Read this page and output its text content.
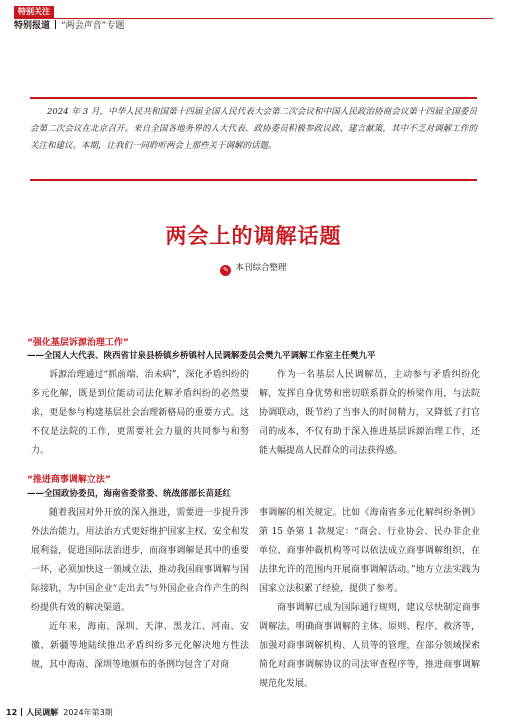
特别关注
特别报道 “两会声音”专题

2024 年 3 月，中华人民共和国第十四届全国人民代表大会第二次会议和中国人民政治协商会议第十四届全国委员会第二次会议在北京召开。来自全国各地务界的人大代表、政协委员积极参政议政、建言献策，其中不乏对调解工作的关注和建议。本期，让我们一同聆听两会上那些关于调解的话题。

两会上的调解话题
✎ 本刊综合整理
“强化基层诉源治理工作”
——全国人大代表、陕西省甘泉县桥镇乡桥镇村人民调解委员会樊九平调解工作室主任樊九平

诉源治理通过“抓前端、治未病”，深化矛盾纠纷的多元化解，既是到位能动司法化解矛盾纠纷的必然要求，更是参与构建基层社会治理新格局的重要方式。这不仅是法院的工作，更需要社会力量的共同参与和努力。

作为一名基层人民调解员，主动参与矛盾纠纷化解，发挥自身优势和密切联系群众的桥梁作用，与法院协调联动，既节约了当事人的时间精力，又降低了打官司的成本，不仅有助于深入推进基层诉源治理工作，还能大幅提高人民群众的司法获得感。

“推进商事调解立法”
——全国政协委员，海南省委常委、统战部部长苗延红

随着我国对外开放的深入推进，需要进一步提升涉外法治能力，用法治方式更好维护国家主权、安全和发展利益，促进国际法治进步，而商事调解是其中的重要一环，必须加快这一领域立法，推动我国商事调解与国际接轨，为中国企业“走出去”与外国企业合作产生的纠纷提供有效的解决渠道。

近年来，海南、深圳、天津、黑龙江、河南、安徽、新疆等地陆续推出矛盾纠纷多元化解决地方性法规，其中海南、深圳等地颁布的条例均包含了对商

事调解的相关规定。比如《海南省多元化解纠纷条例》第 15 条第 1 款规定：“商会、行业协会、民办非企业单位、商事仲裁机构等可以依法成立商事调解组织，在法律允许的范围内开展商事调解活动。”地方立法实践为国家立法积累了经验，提供了参考。

商事调解已成为国际通行规则，建议尽快制定商事调解法，明确商事调解的主体、原则、程序、救济等，加强对商事调解机构、人员等的管理，在部分领域探索简化对商事调解协议的司法审查程序等，推进商事调解规范化发展。

12 人民调解 2024年第3期
